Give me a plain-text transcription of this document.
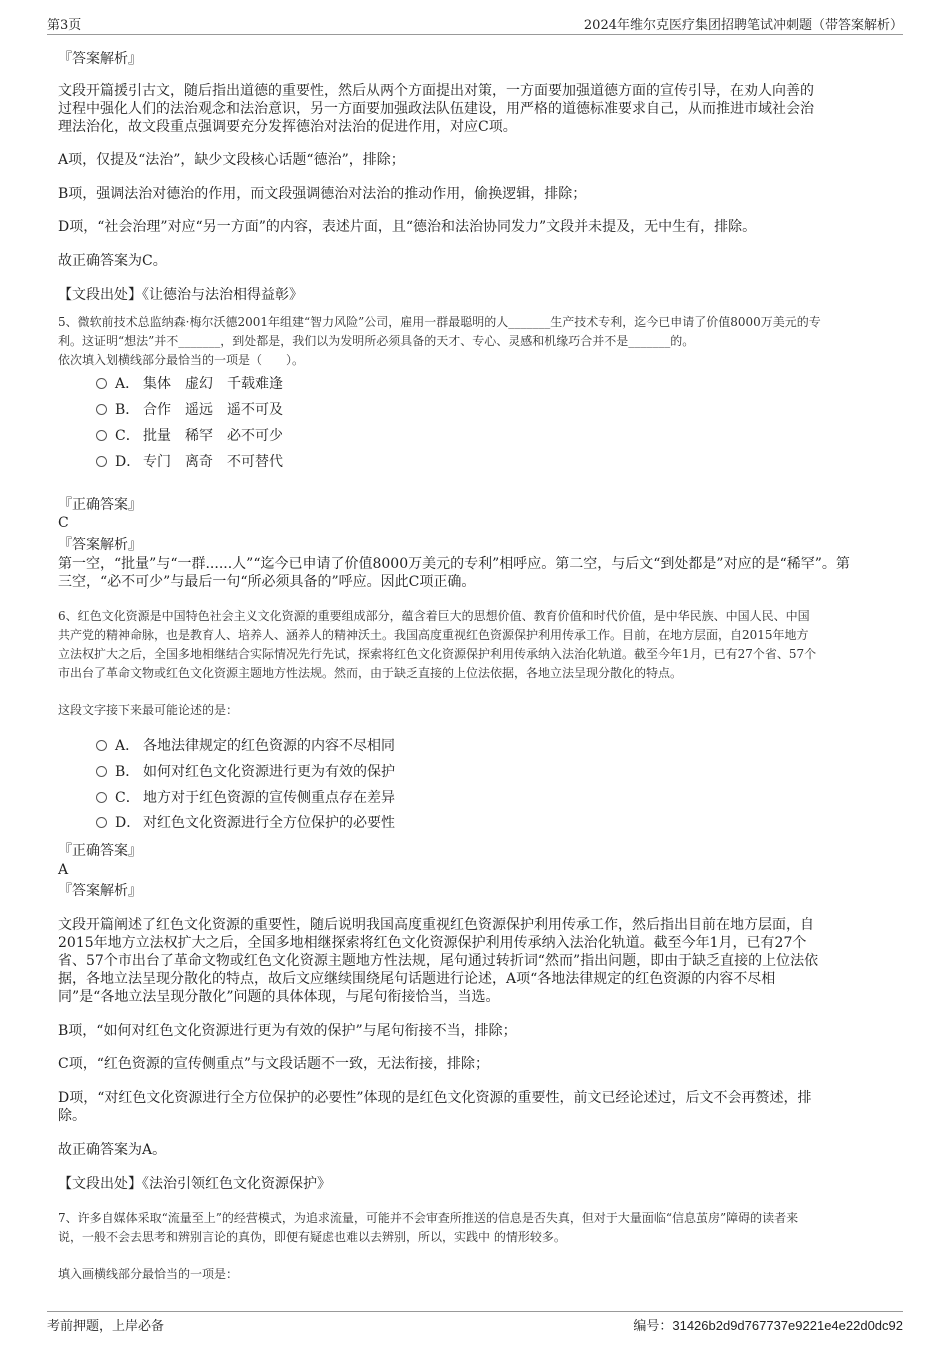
第3页	2024年维尔克医疗集团招聘笔试冲刺题（带答案解析）
『答案解析』
文段开篇援引古文，随后指出道德的重要性，然后从两个方面提出对策，一方面要加强道德方面的宣传引导，在劝人向善的
过程中强化人们的法治观念和法治意识，另一方面要加强政法队伍建设，用严格的道德标准要求自己，从而推进市域社会治
理法治化，故文段重点强调要充分发挥德治对法治的促进作用，对应C项。
A项，仅提及“法治”，缺少文段核心话题“德治”，排除；
B项，强调法治对德治的作用，而文段强调德治对法治的推动作用，偷换逻辑，排除；
D项，“社会治理”对应“另一方面”的内容，表述片面，且“德治和法治协同发力”文段并未提及，无中生有，排除。
故正确答案为C。
【文段出处】《让德治与法治相得益彰》
5、微软前技术总监纳森·梅尔沃德2001年组建“智力风险”公司，雇用一群最聪明的人_______生产技术专利，迄今已申请了价值8000万美元的专
利。这证明“想法”并不_______，到处都是，我们以为发明所必须具备的天才、专心、灵感和机缘巧合并不是_______的。
依次填入划横线部分最恰当的一项是（　　）。
A． 集体 虚幻 千载难逢
B． 合作 遥远 遥不可及
C． 批量 稀罕 必不可少
D． 专门 离奇 不可替代
『正确答案』
C
『答案解析』
第一空，“批量”与“一群......人”“迄今已申请了价值8000万美元的专利”相呼应。第二空，与后文“到处都是”对应的是“稀罕”。第
三空，“必不可少”与最后一句“所必须具备的”呼应。因此C项正确。
6、红色文化资源是中国特色社会主义文化资源的重要组成部分，蕴含着巨大的思想价值、教育价值和时代价值，是中华民族、中国人民、中国
共产党的精神命脉，也是教育人、培养人、涵养人的精神沃土。我国高度重视红色资源保护利用传承工作。目前，在地方层面，自2015年地方
立法权扩大之后，全国多地相继结合实际情况先行先试，探索将红色文化资源保护利用传承纳入法治化轨道。截至今年1月，已有27个省、57个
市出台了革命文物或红色文化资源主题地方性法规。然而，由于缺乏直接的上位法依据，各地立法呈现分散化的特点。
这段文字接下来最可能论述的是：
A． 各地法律规定的红色资源的内容不尽相同
B． 如何对红色文化资源进行更为有效的保护
C． 地方对于红色资源的宣传侧重点存在差异
D． 对红色文化资源进行全方位保护的必要性
『正确答案』
A
『答案解析』
文段开篇阐述了红色文化资源的重要性，随后说明我国高度重视红色资源保护利用传承工作，然后指出目前在地方层面，自
2015年地方立法权扩大之后，全国多地相继探索将红色文化资源保护利用传承纳入法治化轨道。截至今年1月，已有27个
省、57个市出台了革命文物或红色文化资源主题地方性法规，尾句通过转折词“然而”指出问题，即由于缺乏直接的上位法依
据，各地立法呈现分散化的特点，故后文应继续围绕尾句话题进行论述，A项“各地法律规定的红色资源的内容不尽相
同”是“各地立法呈现分散化”问题的具体体现，与尾句衔接恰当，当选。
B项，“如何对红色文化资源进行更为有效的保护”与尾句衔接不当，排除；
C项，“红色资源的宣传侧重点”与文段话题不一致，无法衔接，排除；
D项，“对红色文化资源进行全方位保护的必要性”体现的是红色文化资源的重要性，前文已经论述过，后文不会再赘述，排
除。
故正确答案为A。
【文段出处】《法治引领红色文化资源保护》
7、许多自媒体采取“流量至上”的经营模式，为追求流量，可能并不会审查所推送的信息是否失真，但对于大量面临“信息茧房”障碍的读者来
说，一般不会去思考和辨别言论的真伪，即便有疑虑也难以去辨别，所以，实践中 的情形较多。
填入画横线部分最恰当的一项是：
考前押题，上岸必备	编号：31426b2d9d767737e9221e4e22d0dc92
